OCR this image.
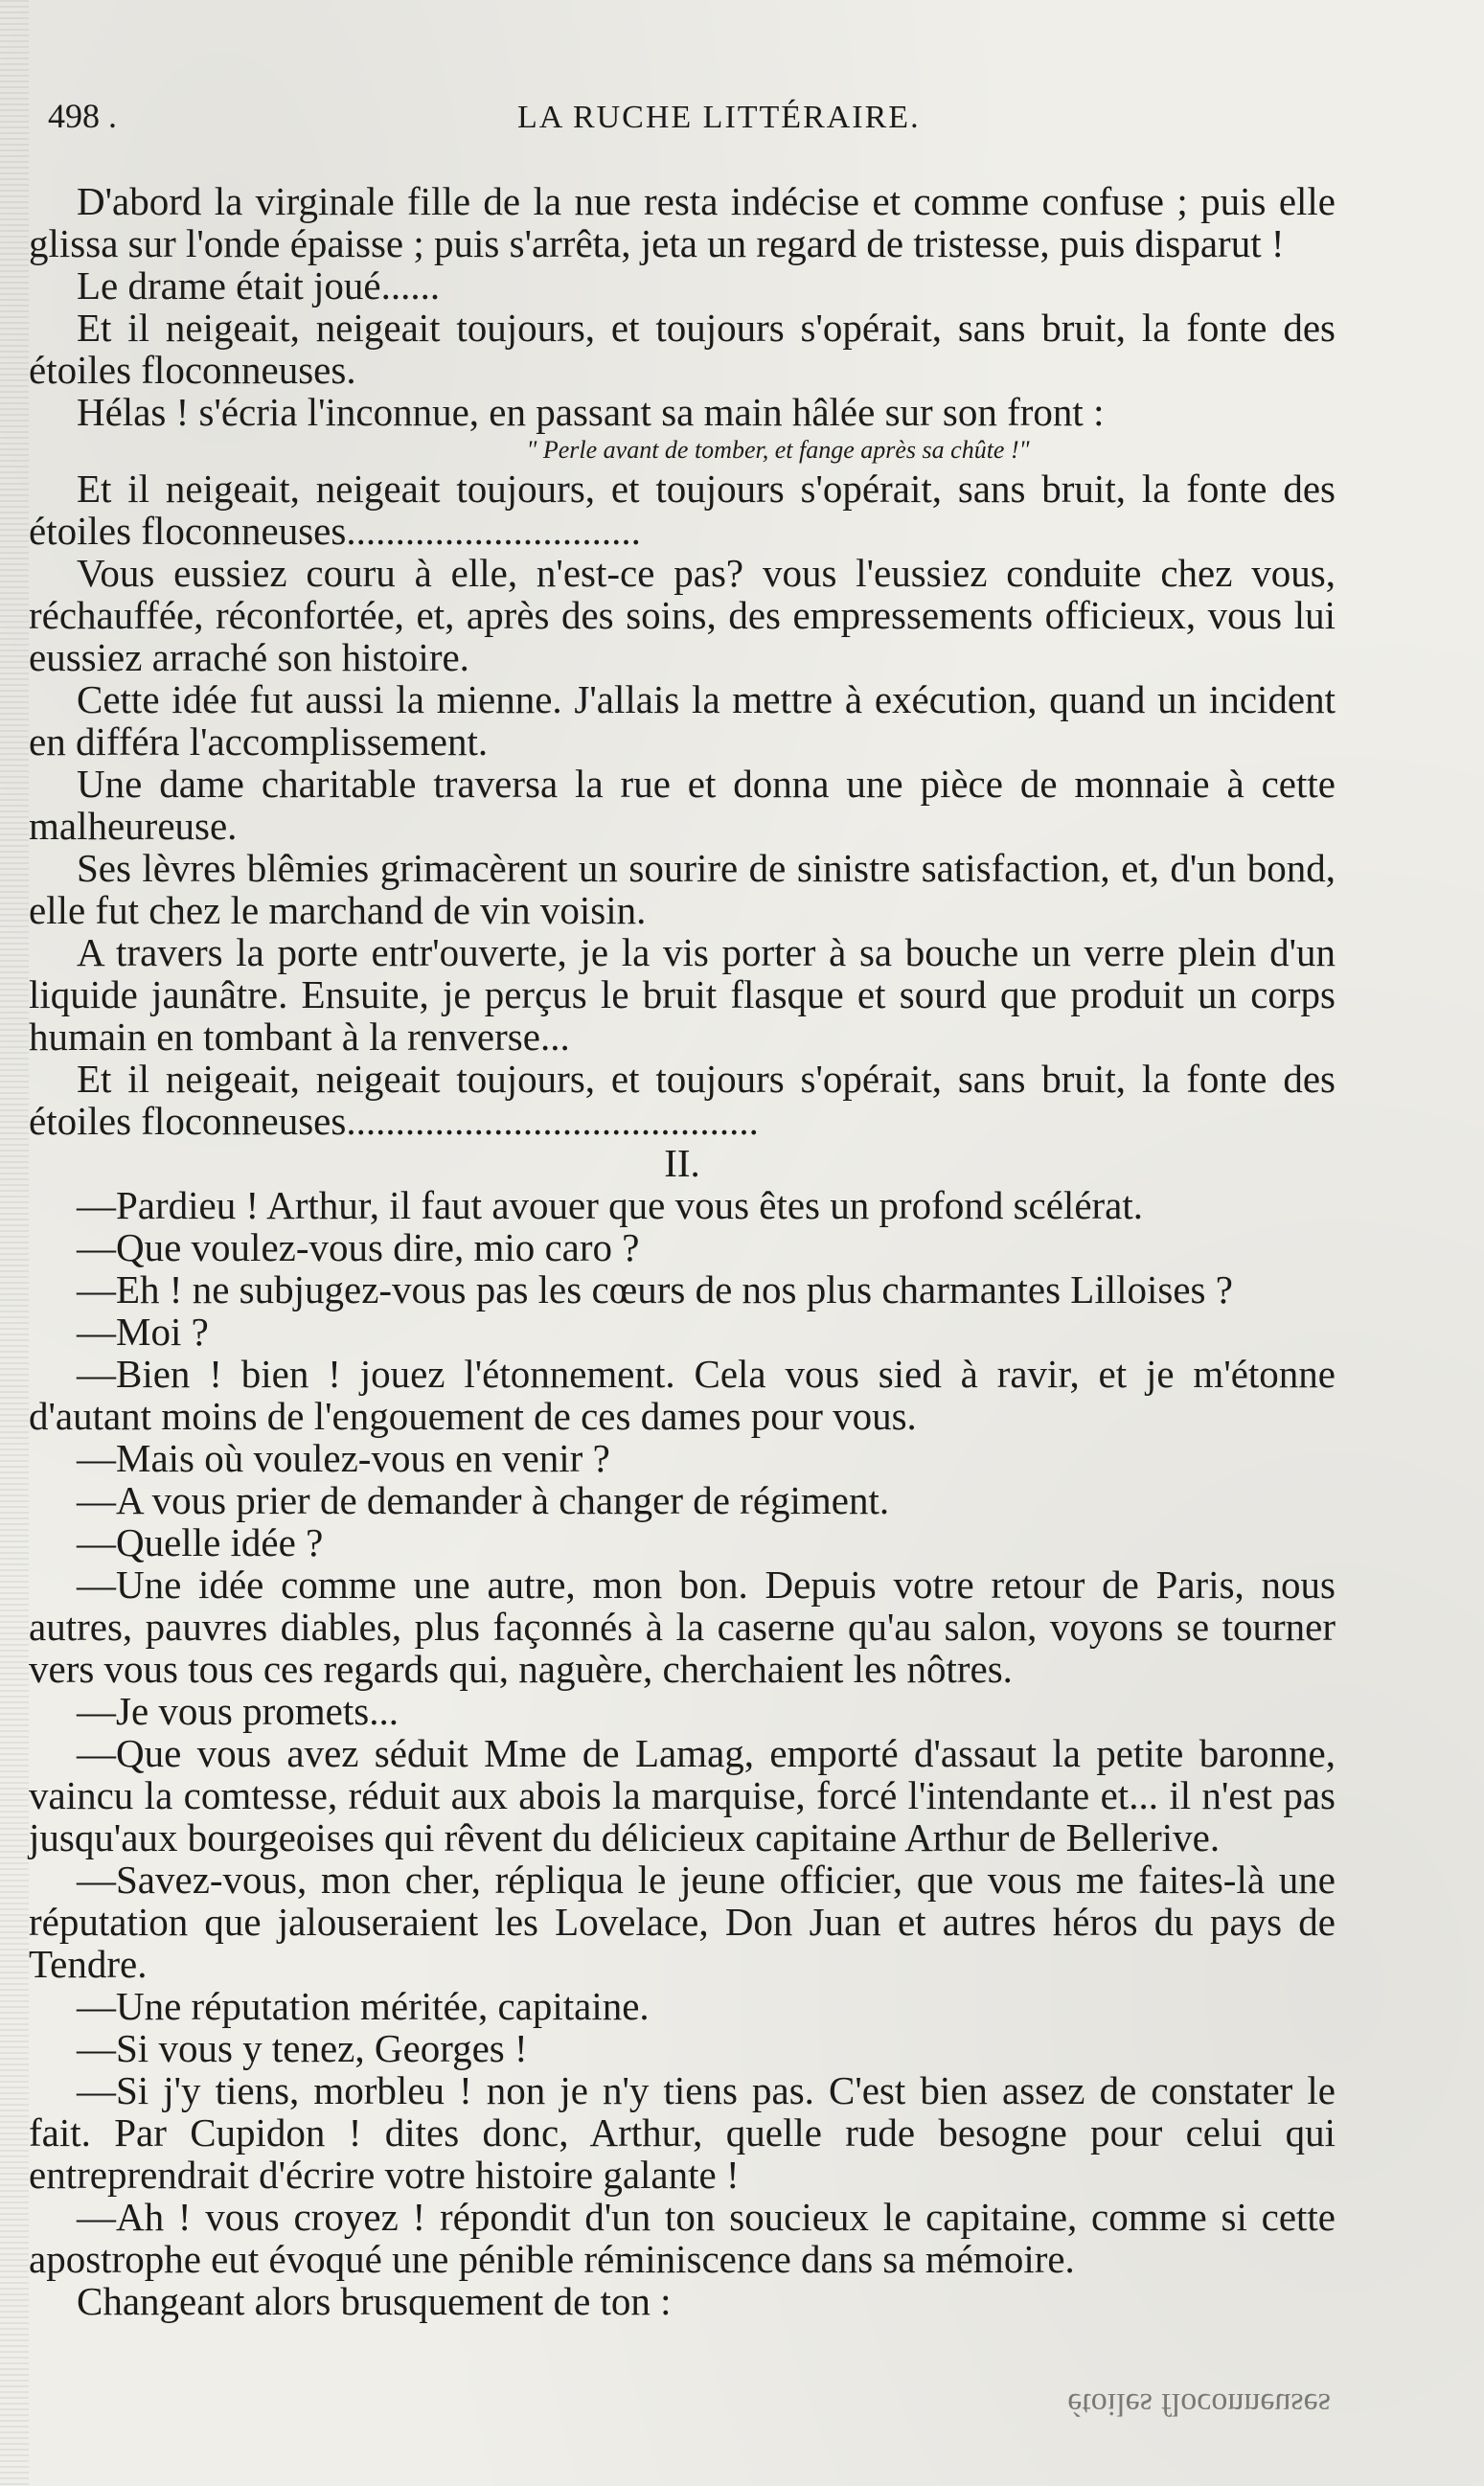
498 .	LA RUCHE LITTÉRAIRE.
D'abord la virginale fille de la nue resta indécise et comme confuse ; puis elle glissa sur l'onde épaisse ; puis s'arrêta, jeta un regard de tristesse, puis disparut !
Le drame était joué......
Et il neigeait, neigeait toujours, et toujours s'opérait, sans bruit, la fonte des étoiles floconneuses.
Hélas ! s'écria l'inconnue, en passant sa main hâlée sur son front :
" Perle avant de tomber, et fange après sa chûte !"
Et il neigeait, neigeait toujours, et toujours s'opérait, sans bruit, la fonte des étoiles floconneuses..............................
Vous eussiez couru à elle, n'est-ce pas? vous l'eussiez conduite chez vous, réchauffée, réconfortée, et, après des soins, des empressements officieux, vous lui eussiez arraché son histoire.
Cette idée fut aussi la mienne. J'allais la mettre à exécution, quand un incident en différa l'accomplissement.
Une dame charitable traversa la rue et donna une pièce de monnaie à cette malheureuse.
Ses lèvres blêmies grimacèrent un sourire de sinistre satisfaction, et, d'un bond, elle fut chez le marchand de vin voisin.
A travers la porte entr'ouverte, je la vis porter à sa bouche un verre plein d'un liquide jaunâtre. Ensuite, je perçus le bruit flasque et sourd que produit un corps humain en tombant à la renverse...
Et il neigeait, neigeait toujours, et toujours s'opérait, sans bruit, la fonte des étoiles floconneuses..........................................
II.
—Pardieu ! Arthur, il faut avouer que vous êtes un profond scélérat.
—Que voulez-vous dire, mio caro ?
—Eh ! ne subjugez-vous pas les cœurs de nos plus charmantes Lilloises ?
—Moi ?
—Bien ! bien ! jouez l'étonnement. Cela vous sied à ravir, et je m'étonne d'autant moins de l'engouement de ces dames pour vous.
—Mais où voulez-vous en venir ?
—A vous prier de demander à changer de régiment.
—Quelle idée ?
—Une idée comme une autre, mon bon. Depuis votre retour de Paris, nous autres, pauvres diables, plus façonnés à la caserne qu'au salon, voyons se tourner vers vous tous ces regards qui, naguère, cherchaient les nôtres.
—Je vous promets...
—Que vous avez séduit Mme de Lamag, emporté d'assaut la petite baronne, vaincu la comtesse, réduit aux abois la marquise, forcé l'intendante et... il n'est pas jusqu'aux bourgeoises qui rêvent du délicieux capitaine Arthur de Bellerive.
—Savez-vous, mon cher, répliqua le jeune officier, que vous me faites-là une réputation que jalouseraient les Lovelace, Don Juan et autres héros du pays de Tendre.
—Une réputation méritée, capitaine.
—Si vous y tenez, Georges !
—Si j'y tiens, morbleu ! non je n'y tiens pas. C'est bien assez de constater le fait. Par Cupidon ! dites donc, Arthur, quelle rude besogne pour celui qui entreprendrait d'écrire votre histoire galante !
—Ah ! vous croyez ! répondit d'un ton soucieux le capitaine, comme si cette apostrophe eut évoqué une pénible réminiscence dans sa mémoire.
Changeant alors brusquement de ton :
étoiles floconneuses
